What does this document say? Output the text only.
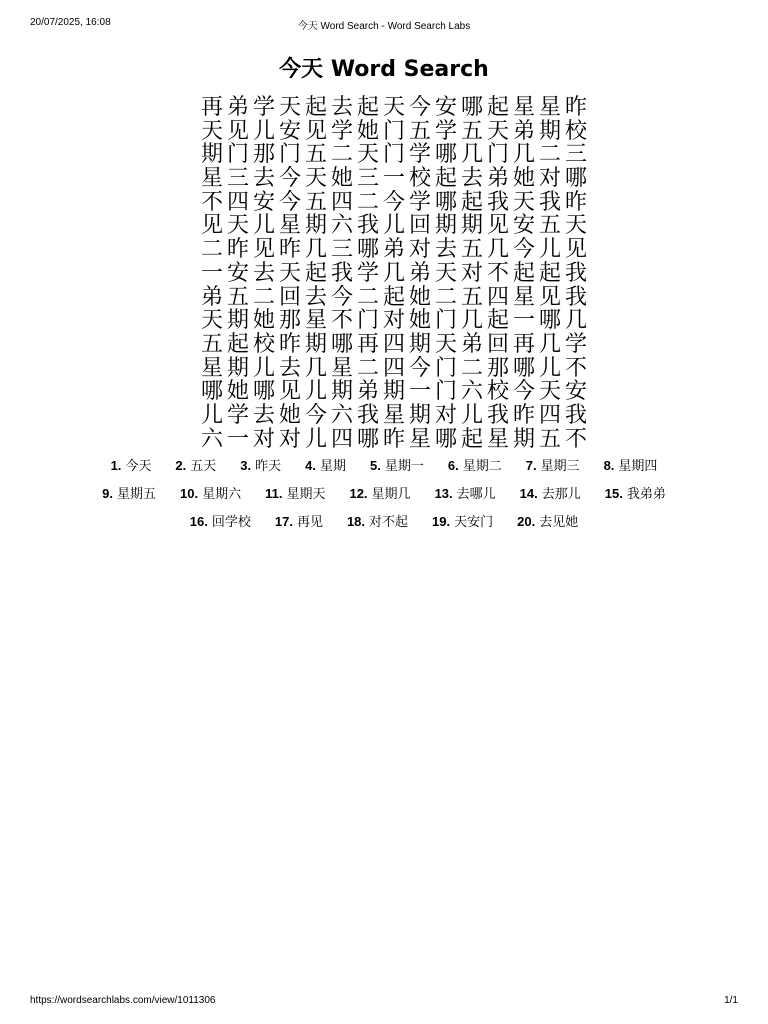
20/07/2025, 16:08	今天 Word Search - Word Search Labs
今天 Word Search
再 弟 学 天 起 去 起 天 今 安 哪 起 星 星 昨
天 见 儿 安 见 学 她 门 五 学 五 天 弟 期 校
期 门 那 门 五 二 天 门 学 哪 几 门 几 二 三
星 三 去 今 天 她 三 一 校 起 去 弟 她 对 哪
不 四 安 今 五 四 二 今 学 哪 起 我 天 我 昨
见 天 儿 星 期 六 我 儿 回 期 期 见 安 五 天
二 昨 见 昨 几 三 哪 弟 对 去 五 几 今 儿 见
一 安 去 天 起 我 学 几 弟 天 对 不 起 起 我
弟 五 二 回 去 今 二 起 她 二 五 四 星 见 我
天 期 她 那 星 不 门 对 她 门 几 起 一 哪 几
五 起 校 昨 期 哪 再 四 期 天 弟 回 再 几 学
星 期 儿 去 几 星 二 四 今 门 二 那 哪 儿 不
哪 她 哪 见 儿 期 弟 期 一 门 六 校 今 天 安
儿 学 去 她 今 六 我 星 期 对 儿 我 昨 四 我
六 一 对 对 儿 四 哪 昨 星 哪 起 星 期 五 不
1. 今天	2. 五天	3. 昨天	4. 星期	5. 星期一	6. 星期二	7. 星期三	8. 星期四
9. 星期五	10. 星期六	11. 星期天	12. 星期几	13. 去哪儿	14. 去那儿	15. 我弟弟
16. 回学校	17. 再见	18. 对不起	19. 天安门	20. 去见她
https://wordsearchlabs.com/view/1011306	1/1
